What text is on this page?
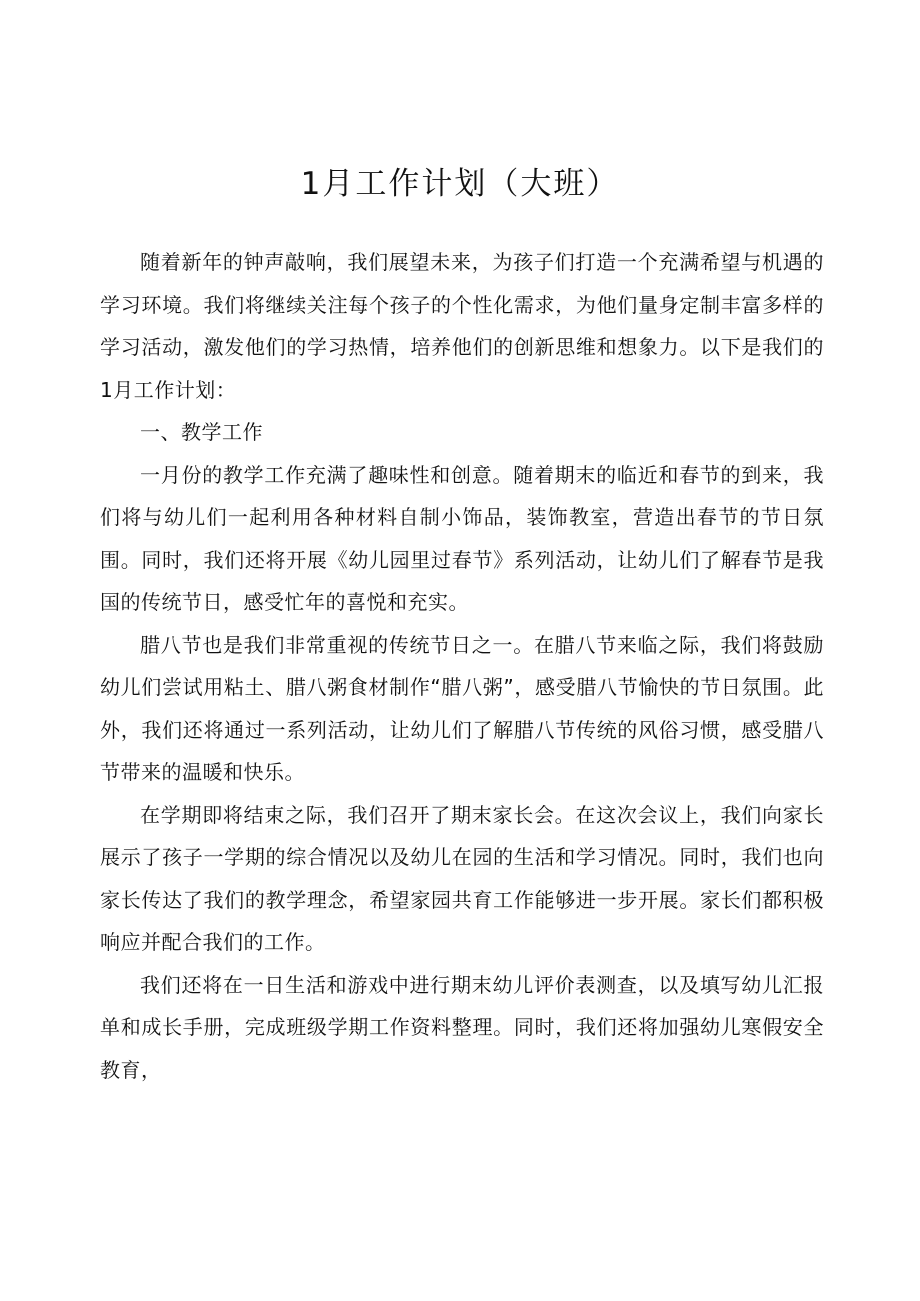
1月工作计划（大班）

随着新年的钟声敲响，我们展望未来，为孩子们打造一个充满希望与机遇的学习环境。我们将继续关注每个孩子的个性化需求，为他们量身定制丰富多样的学习活动，激发他们的学习热情，培养他们的创新思维和想象力。以下是我们的1月工作计划：

一、教学工作

一月份的教学工作充满了趣味性和创意。随着期末的临近和春节的到来，我们将与幼儿们一起利用各种材料自制小饰品，装饰教室，营造出春节的节日氛围。同时，我们还将开展《幼儿园里过春节》系列活动，让幼儿们了解春节是我国的传统节日，感受忙年的喜悦和充实。

腊八节也是我们非常重视的传统节日之一。在腊八节来临之际，我们将鼓励幼儿们尝试用粘土、腊八粥食材制作“腊八粥”，感受腊八节愉快的节日氛围。此外，我们还将通过一系列活动，让幼儿们了解腊八节传统的风俗习惯，感受腊八节带来的温暖和快乐。

在学期即将结束之际，我们召开了期末家长会。在这次会议上，我们向家长展示了孩子一学期的综合情况以及幼儿在园的生活和学习情况。同时，我们也向家长传达了我们的教学理念，希望家园共育工作能够进一步开展。家长们都积极响应并配合我们的工作。

我们还将在一日生活和游戏中进行期末幼儿评价表测查，以及填写幼儿汇报单和成长手册，完成班级学期工作资料整理。同时，我们还将加强幼儿寒假安全教育，
